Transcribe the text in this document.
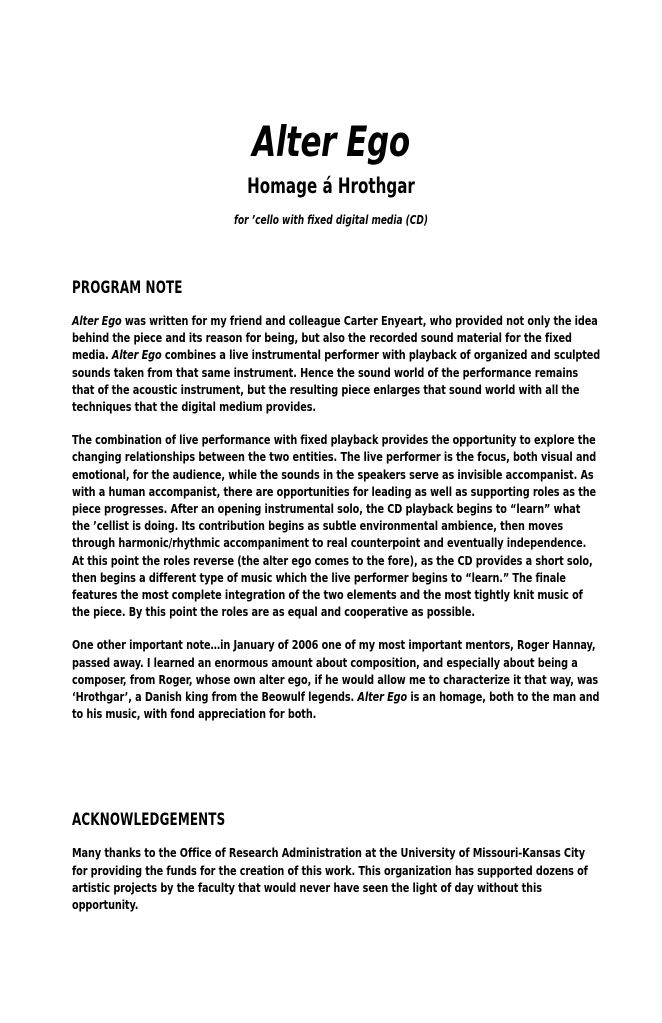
Alter Ego
Homage á Hrothgar
for ’cello with fixed digital media (CD)
PROGRAM NOTE

Alter Ego was written for my friend and colleague Carter Enyeart, who provided not only the idea behind the piece and its reason for being, but also the recorded sound material for the fixed media. Alter Ego combines a live instrumental performer with playback of organized and sculpted sounds taken from that same instrument. Hence the sound world of the performance remains that of the acoustic instrument, but the resulting piece enlarges that sound world with all the techniques that the digital medium provides.

The combination of live performance with fixed playback provides the opportunity to explore the changing relationships between the two entities. The live performer is the focus, both visual and emotional, for the audience, while the sounds in the speakers serve as invisible accompanist. As with a human accompanist, there are opportunities for leading as well as supporting roles as the piece progresses. After an opening instrumental solo, the CD playback begins to “learn” what the ’cellist is doing. Its contribution begins as subtle environmental ambience, then moves through harmonic/rhythmic accompaniment to real counterpoint and eventually independence. At this point the roles reverse (the alter ego comes to the fore), as the CD provides a short solo, then begins a different type of music which the live performer begins to “learn.” The finale features the most complete integration of the two elements and the most tightly knit music of the piece. By this point the roles are as equal and cooperative as possible.

One other important note…in January of 2006 one of my most important mentors, Roger Hannay, passed away. I learned an enormous amount about composition, and especially about being a composer, from Roger, whose own alter ego, if he would allow me to characterize it that way, was ‘Hrothgar’, a Danish king from the Beowulf legends. Alter Ego is an homage, both to the man and to his music, with fond appreciation for both.

ACKNOWLEDGEMENTS

Many thanks to the Office of Research Administration at the University of Missouri-Kansas City for providing the funds for the creation of this work. This organization has supported dozens of artistic projects by the faculty that would never have seen the light of day without this opportunity.
